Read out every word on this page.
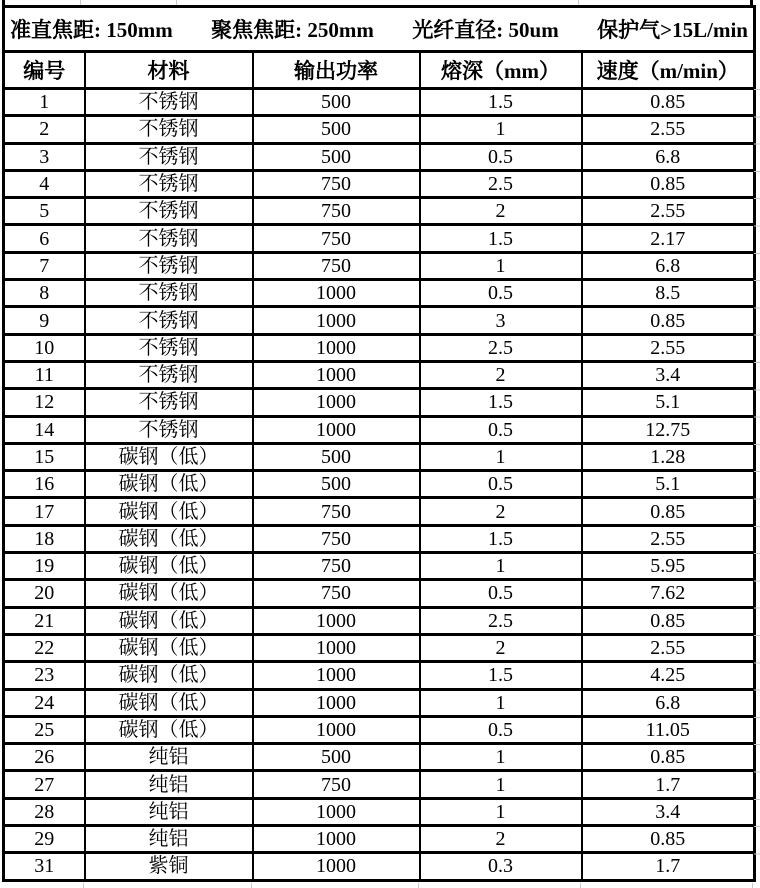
准直焦距: 150mm 聚焦焦距: 250mm 光纤直径: 50um 保护气>15L/min				

编号	材料	输出功率	熔深（mm）	速度（m/min）
1	不锈钢	500	1.5	0.85
2	不锈钢	500	1	2.55
3	不锈钢	500	0.5	6.8
4	不锈钢	750	2.5	0.85
5	不锈钢	750	2	2.55
6	不锈钢	750	1.5	2.17
7	不锈钢	750	1	6.8
8	不锈钢	1000	0.5	8.5
9	不锈钢	1000	3	0.85
10	不锈钢	1000	2.5	2.55
11	不锈钢	1000	2	3.4
12	不锈钢	1000	1.5	5.1
14	不锈钢	1000	0.5	12.75
15	碳钢（低）	500	1	1.28
16	碳钢（低）	500	0.5	5.1
17	碳钢（低）	750	2	0.85
18	碳钢（低）	750	1.5	2.55
19	碳钢（低）	750	1	5.95
20	碳钢（低）	750	0.5	7.62
21	碳钢（低）	1000	2.5	0.85
22	碳钢（低）	1000	2	2.55
23	碳钢（低）	1000	1.5	4.25
24	碳钢（低）	1000	1	6.8
25	碳钢（低）	1000	0.5	11.05
26	纯铝	500	1	0.85
27	纯铝	750	1	1.7
28	纯铝	1000	1	3.4
29	纯铝	1000	2	0.85
31	紫铜	1000	0.3	1.7
